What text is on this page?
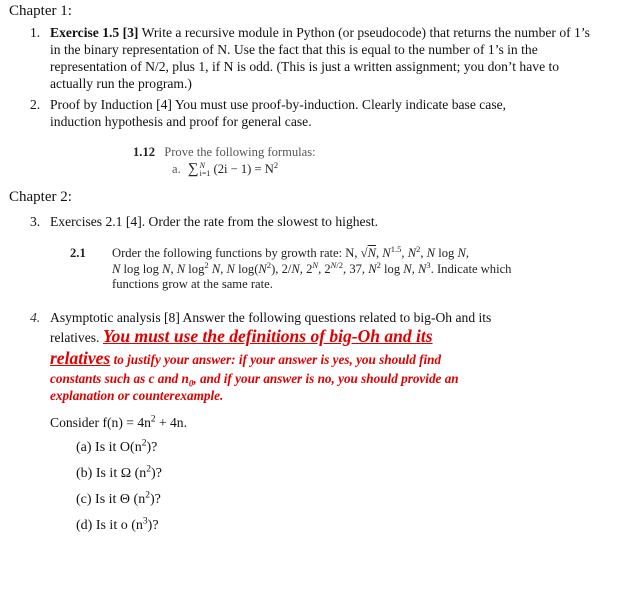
Chapter 1:
1. Exercise 1.5 [3] Write a recursive module in Python (or pseudocode) that returns the number of 1’s in the binary representation of N. Use the fact that this is equal to the number of 1’s in the representation of N/2, plus 1, if N is odd. (This is just a written assignment; you don’t have to actually run the program.)
2. Proof by Induction [4] You must use proof-by-induction. Clearly indicate base case, induction hypothesis and proof for general case.
1.12 Prove the following formulas:
a. ∑N
i=1 $(2i - 1) = N^2$
Chapter 2:
3. Exercises 2.1 [4]. Order the rate from the slowest to highest.
2.1 Order the following functions by growth rate: N, √N, $N^{1.5}$, $N^2$, N log N,
N log log N, N $\log^2 N$, N $\log(N^2)$, 2/N, $2^N$, $2^{N/2}$, 37, $N^2$ log N, $N^3$. Indicate which
functions grow at the same rate.
4. Asymptotic analysis [8] Answer the following questions related to big-Oh and its
relatives. You must use the definitions of big-Oh and its
relatives to justify your answer: if your answer is yes, you should find
constants such as c and $n_0$, and if your answer is no, you should provide an
explanation or counterexample.
Consider $f(n) = 4n^2 + 4n$.
(a) Is it $O(n^2)$?
(b) Is it Ω $(n^2)$?
(c) Is it Θ $(n^2)$?
(d) Is it o $(n^3)$?
